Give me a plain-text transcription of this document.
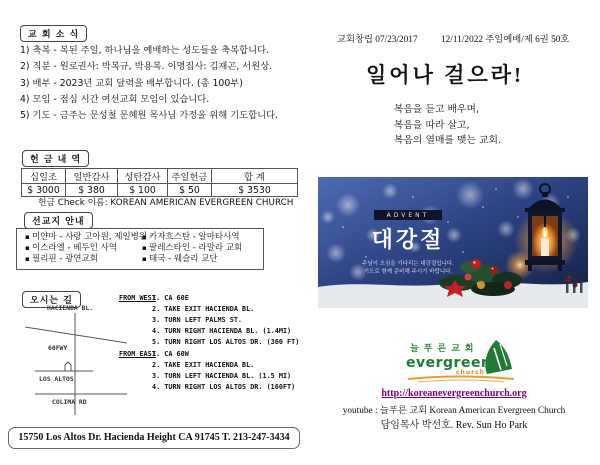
교 회 소 식
1) 축복 - 복된 주일, 하나님을 예배하는 성도들을 축복합니다.
2) 직분 - 원로권사: 박복규, 박용복. 이명집사: 김재곤, 서원상.
3) 배부 - 2023년 교회 달력을 배부합니다. (총 100부)
4) 모임 - 점심 시간 여선교회 모임이 있습니다.
5) 기도 - 금주는 문성철 문혜원 목사님 가정을 위해 기도합니다.
헌 금 내 역
십일조	일반감사	성탄감사	주일헌금	합 계
$ 3000	$ 380	$ 100	$ 50	$ 3530
헌금 Check 이름: KOREAN AMERICAN EVERGREEN CHURCH
선교지 안내
▪ 미얀마 - 사랑 고아원, 제일병원
▪ 이스라엘 - 베두인 사역
▪ 필리핀 - 광연교회
▪ 카자흐스탄 - 알마타사역
▪ 팔레스타인 - 라말라 교회
▪ 태국 - 웨슬리 교단
오시는 길
HACIENDA BL.
60FWY
LOS ALTOS
COLIMA RD
FROM WEST
1. CA 60E
2. TAKE EXIT HACIENDA BL.
3. TURN LEFT PALMS ST.
4. TURN RIGHT HACIENDA BL. (1.4MI)
5. TURN RIGHT LOS ALTOS DR. (360 FT)
FROM EAST
1. CA 60W
2. TAKE EXIT HACIENDA BL.
3. TURN LEFT HACIENDA BL. (1.5 MI)
4. TURN RIGHT LOS ALTOS DR. (160FT)
15750 Los Altos Dr. Hacienda Height CA 91745 T. 213-247-3434
교회창립 07/23/2017	12/11/2022 주일예배/제 6권 50호
일어나 걸으라!
복음을 듣고 배우며,
복음을 따라 살고,
복음의 열매를 맺는 교회.
ADVENT
대강절
주님이 오심을 기다리는 대강절입니다.
기도로 함께 준비해 주시기 바랍니다.
늘푸른교회
evergreen
church
http://koreanevergreenchurch.org
youtube : 늘푸른 교회 Korean American Evergreen Church
담임목사 박선호. Rev. Sun Ho Park
